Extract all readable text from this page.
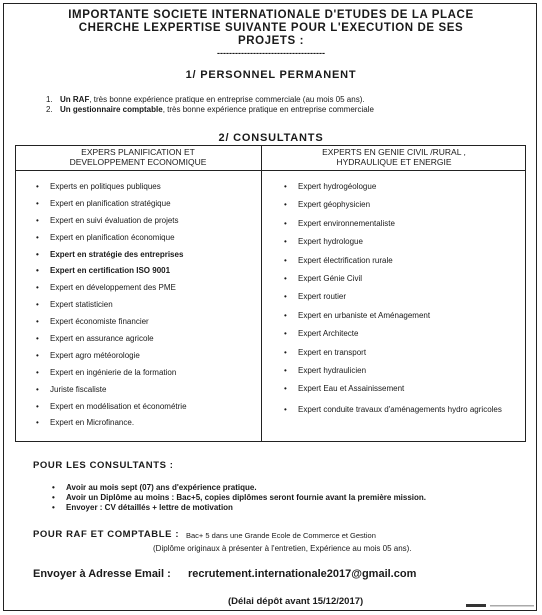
IMPORTANTE SOCIETE INTERNATIONALE D'ETUDES DE LA PLACE
CHERCHE LEXPERTISE SUIVANTE POUR L'EXECUTION DE SES
PROJETS :
------------------------------------
1/ PERSONNEL PERMANENT
1. Un RAF, très bonne expérience pratique en entreprise commerciale (au mois 05 ans).
2. Un gestionnaire comptable, très bonne expérience pratique en entreprise commerciale
2/ CONSULTANTS
EXPERS PLANIFICATION ET
DEVELOPPEMENT ECONOMIQUE
EXPERTS EN GENIE CIVIL /RURAL ,
HYDRAULIQUE ET ENERGIE
• Experts en politiques publiques
• Expert en planification stratégique
• Expert en suivi évaluation de projets
• Expert en planification économique
• Expert en stratégie des entreprises
• Expert en certification ISO 9001
• Expert en développement des PME
• Expert statisticien
• Expert économiste financier
• Expert en assurance agricole
• Expert agro météorologie
• Expert en ingénierie de la formation
• Juriste fiscaliste
• Expert en modélisation et économétrie
• Expert en Microfinance.
• Expert hydrogéologue
• Expert géophysicien
• Expert environnementaliste
• Expert hydrologue
• Expert électrification rurale
• Expert Génie Civil
• Expert routier
• Expert en urbaniste et Aménagement
• Expert Architecte
• Expert en transport
• Expert hydraulicien
• Expert Eau et Assainissement
• Expert conduite travaux d'aménagements hydro agricoles
POUR LES CONSULTANTS :
• Avoir au mois sept (07) ans d'expérience pratique.
• Avoir un Diplôme au moins : Bac+5, copies diplômes seront fournie avant la première mission.
• Envoyer : CV détaillés + lettre de motivation
POUR RAF ET COMPTABLE : Bac+ 5 dans une Grande Ecole de Commerce et Gestion
(Diplôme originaux à présenter à l'entretien, Expérience au mois 05 ans).
Envoyer à Adresse Email : recrutement.internationale2017@gmail.com
(Délai dépôt avant 15/12/2017)
